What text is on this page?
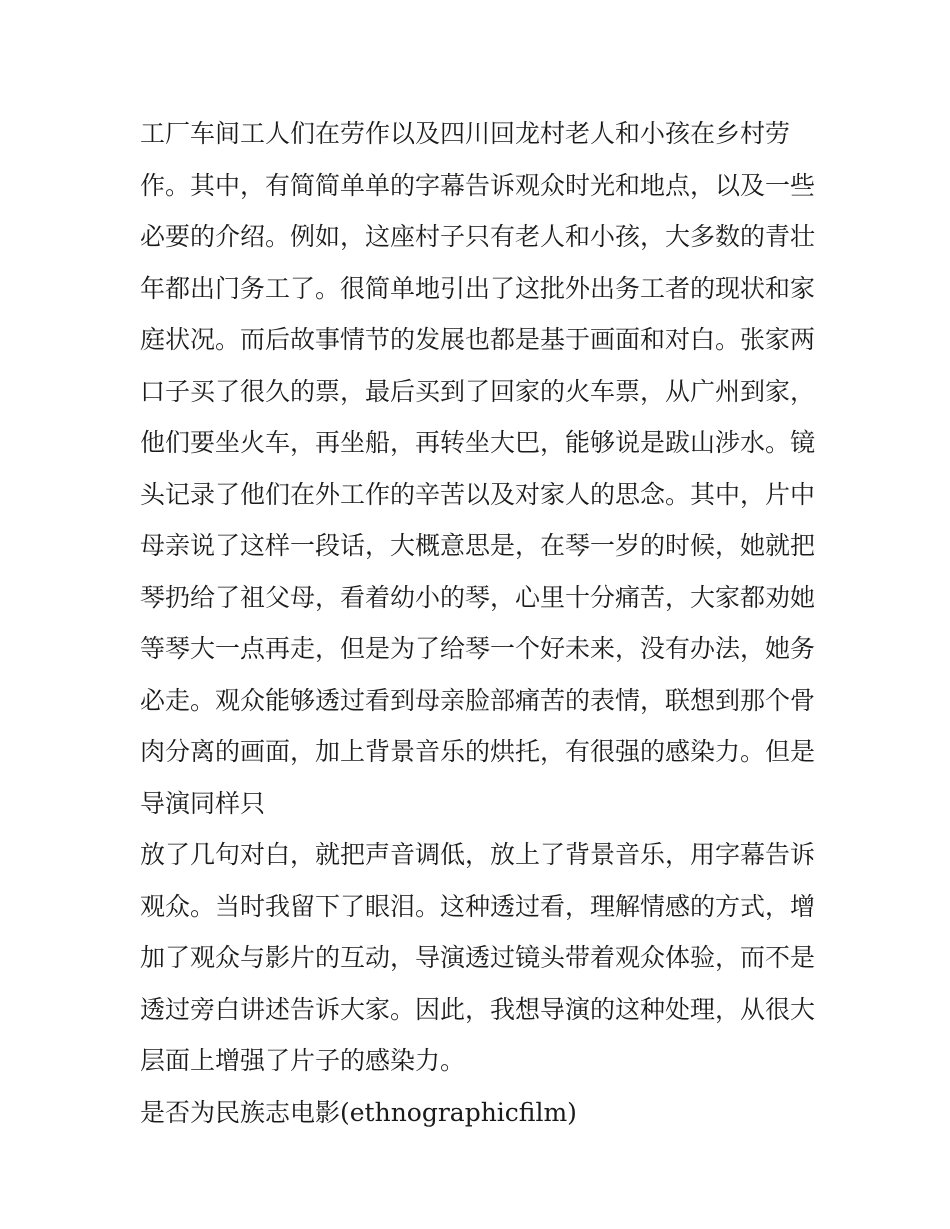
工厂车间工人们在劳作以及四川回龙村老人和小孩在乡村劳
作。其中，有简简单单的字幕告诉观众时光和地点，以及一些
必要的介绍。例如，这座村子只有老人和小孩，大多数的青壮
年都出门务工了。很简单地引出了这批外出务工者的现状和家
庭状况。而后故事情节的发展也都是基于画面和对白。张家两
口子买了很久的票，最后买到了回家的火车票，从广州到家，
他们要坐火车，再坐船，再转坐大巴，能够说是跋山涉水。镜
头记录了他们在外工作的辛苦以及对家人的思念。其中，片中
母亲说了这样一段话，大概意思是，在琴一岁的时候，她就把
琴扔给了祖父母，看着幼小的琴，心里十分痛苦，大家都劝她
等琴大一点再走，但是为了给琴一个好未来，没有办法，她务
必走。观众能够透过看到母亲脸部痛苦的表情，联想到那个骨
肉分离的画面，加上背景音乐的烘托，有很强的感染力。但是
导演同样只
放了几句对白，就把声音调低，放上了背景音乐，用字幕告诉
观众。当时我留下了眼泪。这种透过看，理解情感的方式，增
加了观众与影片的互动，导演透过镜头带着观众体验，而不是
透过旁白讲述告诉大家。因此，我想导演的这种处理，从很大
层面上增强了片子的感染力。
是否为民族志电影(ethnographicfilm)
